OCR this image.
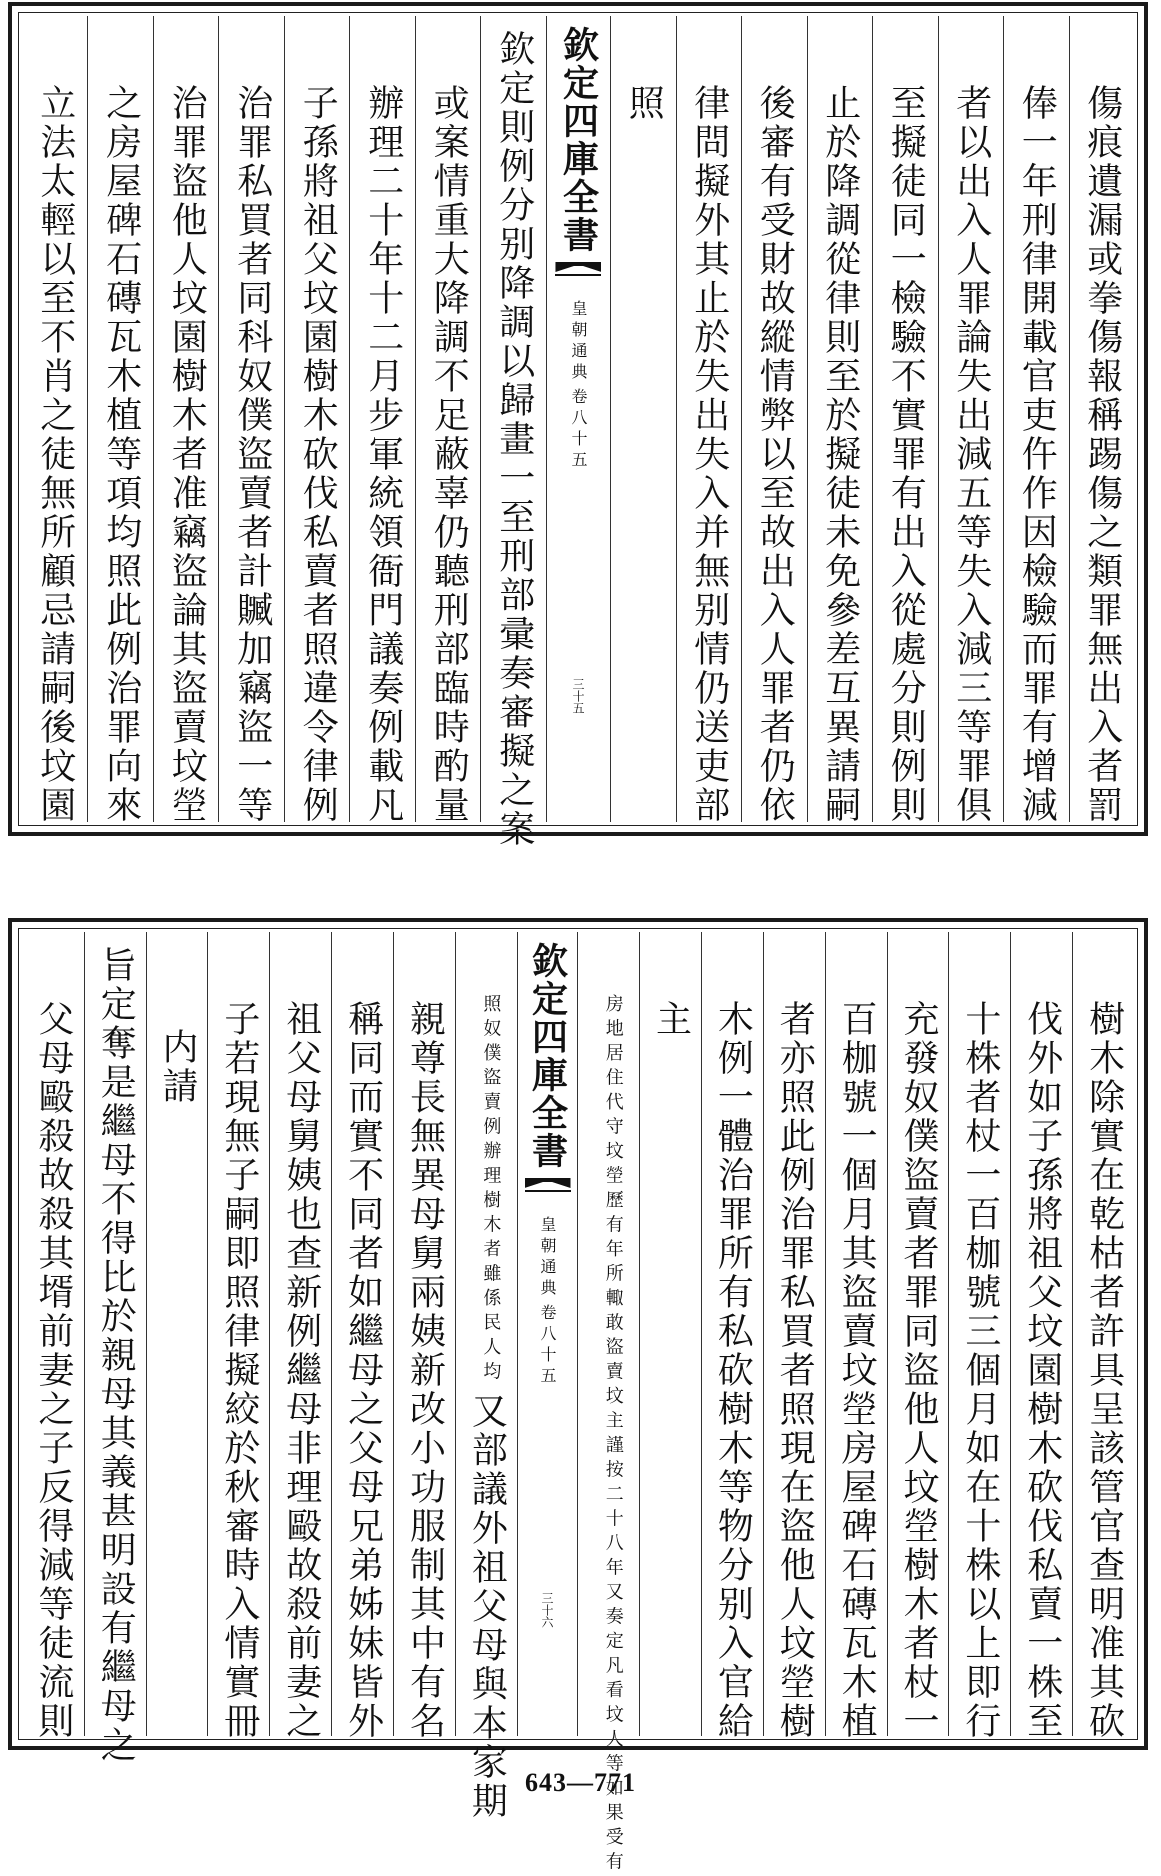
傷痕遺漏或拳傷報稱踢傷之類罪無出入者罰
俸一年刑律開載官吏仵作因檢驗而罪有增減
者以出入人罪論失出減五等失入減三等罪俱
至擬徒同一檢驗不實罪有出入從處分則例則
止於降調從律則至於擬徒未免參差互異請嗣
後審有受財故縱情弊以至故出入人罪者仍依
律問擬外其止於失出失入并無别情仍送吏部
照
欽定四庫全書
皇朝通典
卷八十五
三十五
欽定則例分别降調以歸畫一至刑部彚奏審擬之案
或案情重大降調不足蔽辜仍聽刑部臨時酌量
辦理二十年十二月步軍統領衙門議奏例載凡
子孫將祖父坟園樹木砍伐私賣者照違令律例
治罪私買者同科奴僕盜賣者計贓加竊盜一等
治罪盜他人坟園樹木者准竊盜論其盜賣坟塋
之房屋碑石磚瓦木植等項均照此例治罪向來
立法太輕以至不肖之徒無所顧忌請嗣後坟園
樹木除實在乾枯者許具呈該管官查明准其砍
伐外如子孫將祖父坟園樹木砍伐私賣一株至
十株者杖一百枷號三個月如在十株以上即行
充發奴僕盜賣者罪同盜他人坟塋樹木者杖一
百枷號一個月其盜賣坟塋房屋碑石磚瓦木植
者亦照此例治罪私買者照現在盜他人坟塋樹
木例一體治罪所有私砍樹木等物分别入官給
主
謹按二十八年又奏定凡看坟人等如果受有
房地居住代守坟塋歷有年所輙敢盜賣坟主
欽定四庫全書
皇朝通典
卷八十五
三十六
樹木者雖係民人均
照奴僕盜賣例辦理
又部議外祖父母與本家期
親尊長無異母舅兩姨新改小功服制其中有名
稱同而實不同者如繼母之父母兄弟姊妹皆外
祖父母舅姨也查新例繼母非理毆故殺前妻之
子若現無子嗣即照律擬絞於秋審時入情實冊
内請
旨定奪是繼母不得比於親母其義甚明設有繼母之
父母毆殺故殺其壻前妻之子反得減等徒流則
643—771
